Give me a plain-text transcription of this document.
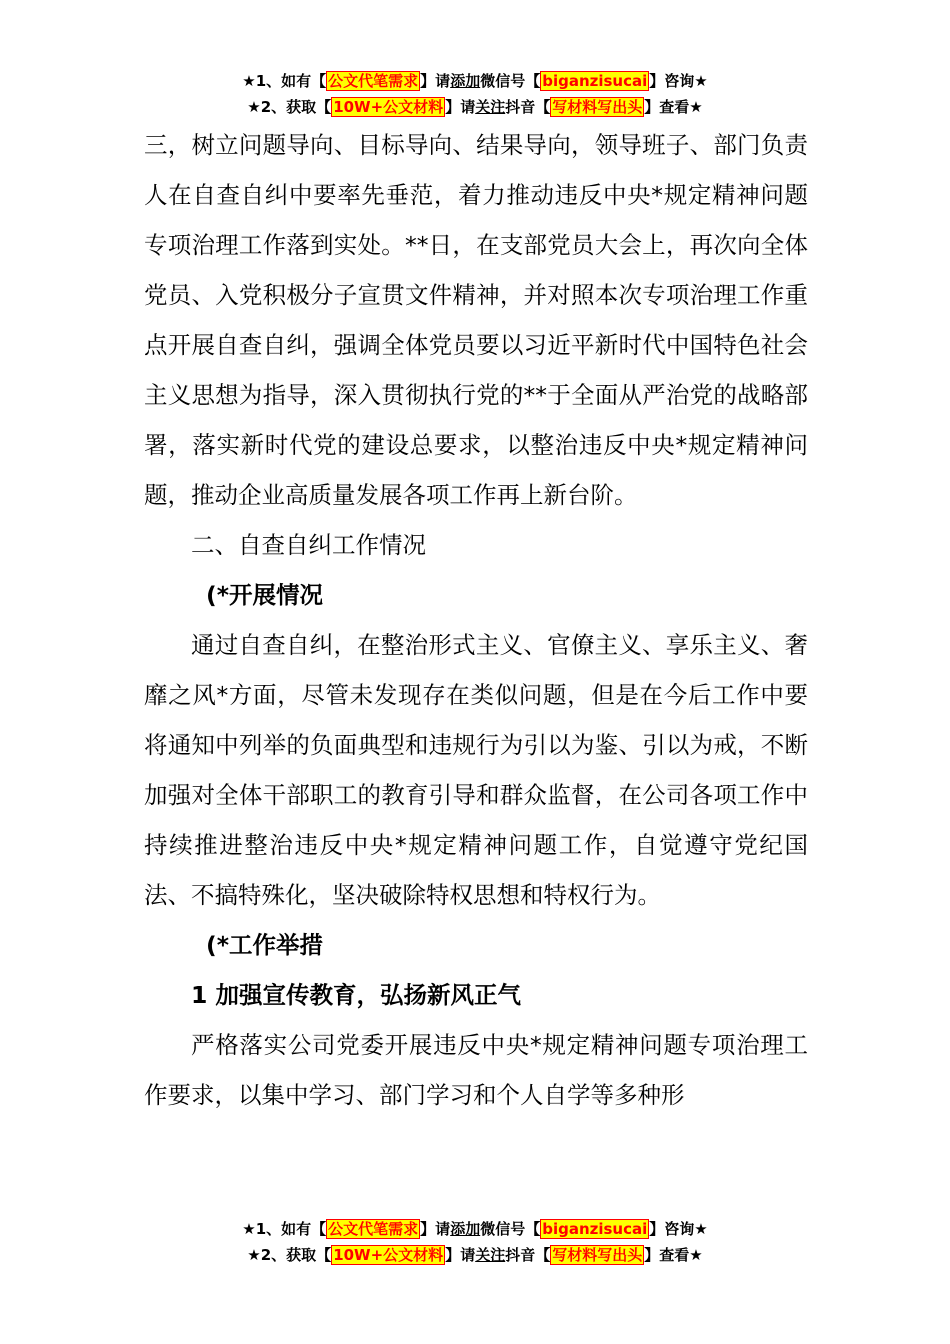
★1、如有【 公文代笔需求 】请添加微信号【 biganzisucai 】咨询★
★2、获取【 10W+公文材料 】请关注抖音【 写材料写出头 】查看★

三，树立问题导向、目标导向、结果导向，领导班子、部门负责人在自查自纠中要率先垂范，着力推动违反中央*规定精神问题专项治理工作落到实处。**日，在支部党员大会上，再次向全体党员、入党积极分子宣贯文件精神，并对照本次专项治理工作重点开展自查自纠，强调全体党员要以习近平新时代中国特色社会主义思想为指导，深入贯彻执行党的**于全面从严治党的战略部署，落实新时代党的建设总要求，以整治违反中央*规定精神问题，推动企业高质量发展各项工作再上新台阶。

二、自查自纠工作情况

(*开展情况

通过自查自纠，在整治形式主义、官僚主义、享乐主义、奢靡之风*方面，尽管未发现存在类似问题，但是在今后工作中要将通知中列举的负面典型和违规行为引以为鉴、引以为戒，不断加强对全体干部职工的教育引导和群众监督，在公司各项工作中持续推进整治违反中央*规定精神问题工作，自觉遵守党纪国法、不搞特殊化，坚决破除特权思想和特权行为。

(*工作举措

1 加强宣传教育，弘扬新风正气

严格落实公司党委开展违反中央*规定精神问题专项治理工作要求，以集中学习、部门学习和个人自学等多种形

★1、如有【 公文代笔需求 】请添加微信号【 biganzisucai 】咨询★
★2、获取【 10W+公文材料 】请关注抖音【 写材料写出头 】查看★
